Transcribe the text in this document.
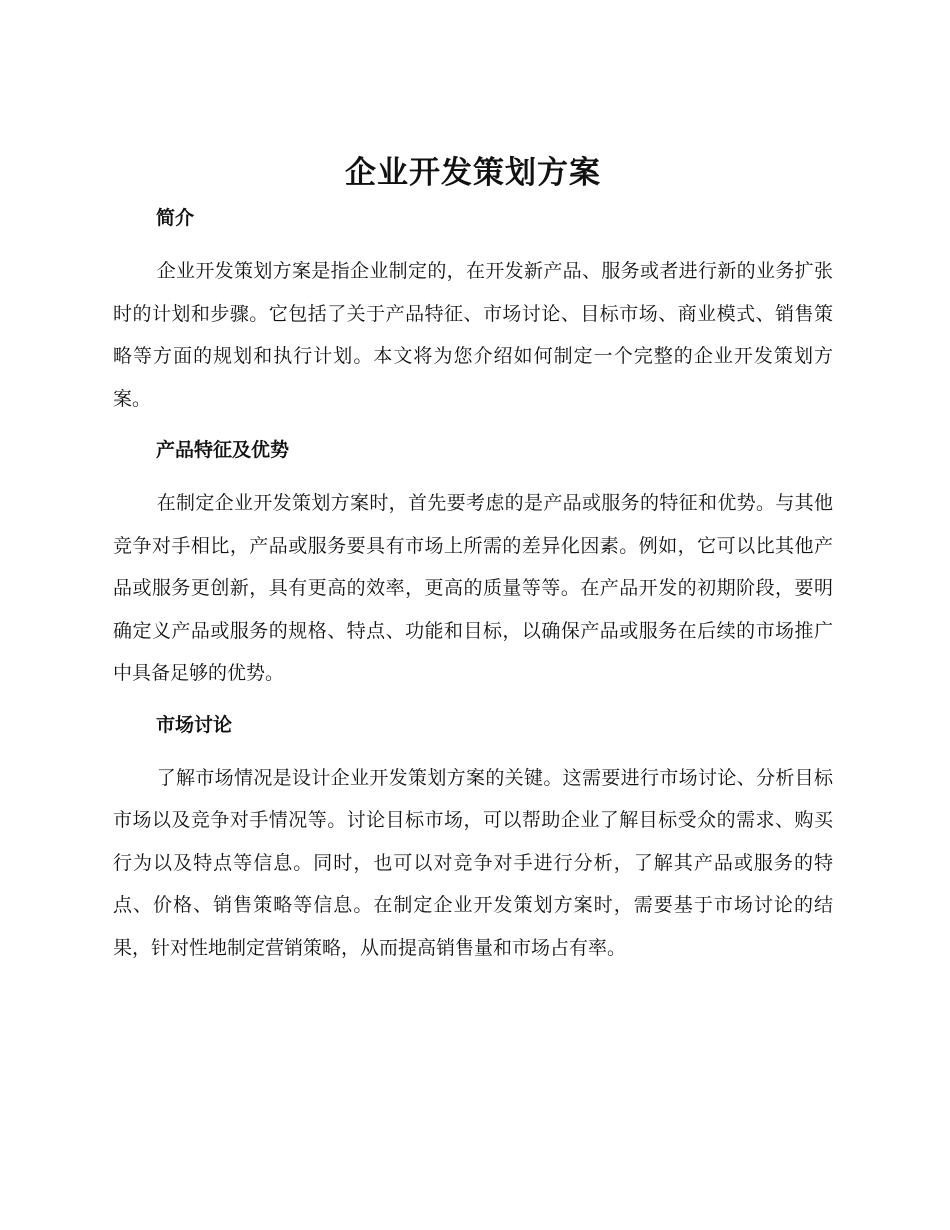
企业开发策划方案
简介

企业开发策划方案是指企业制定的，在开发新产品、服务或者进行新的业务扩张时的计划和步骤。它包括了关于产品特征、市场讨论、目标市场、商业模式、销售策略等方面的规划和执行计划。本文将为您介绍如何制定一个完整的企业开发策划方案。

产品特征及优势

在制定企业开发策划方案时，首先要考虑的是产品或服务的特征和优势。与其他竞争对手相比，产品或服务要具有市场上所需的差异化因素。例如，它可以比其他产品或服务更创新，具有更高的效率，更高的质量等等。在产品开发的初期阶段，要明确定义产品或服务的规格、特点、功能和目标，以确保产品或服务在后续的市场推广中具备足够的优势。

市场讨论

了解市场情况是设计企业开发策划方案的关键。这需要进行市场讨论、分析目标市场以及竞争对手情况等。讨论目标市场，可以帮助企业了解目标受众的需求、购买行为以及特点等信息。同时，也可以对竞争对手进行分析，了解其产品或服务的特点、价格、销售策略等信息。在制定企业开发策划方案时，需要基于市场讨论的结果，针对性地制定营销策略，从而提高销售量和市场占有率。
